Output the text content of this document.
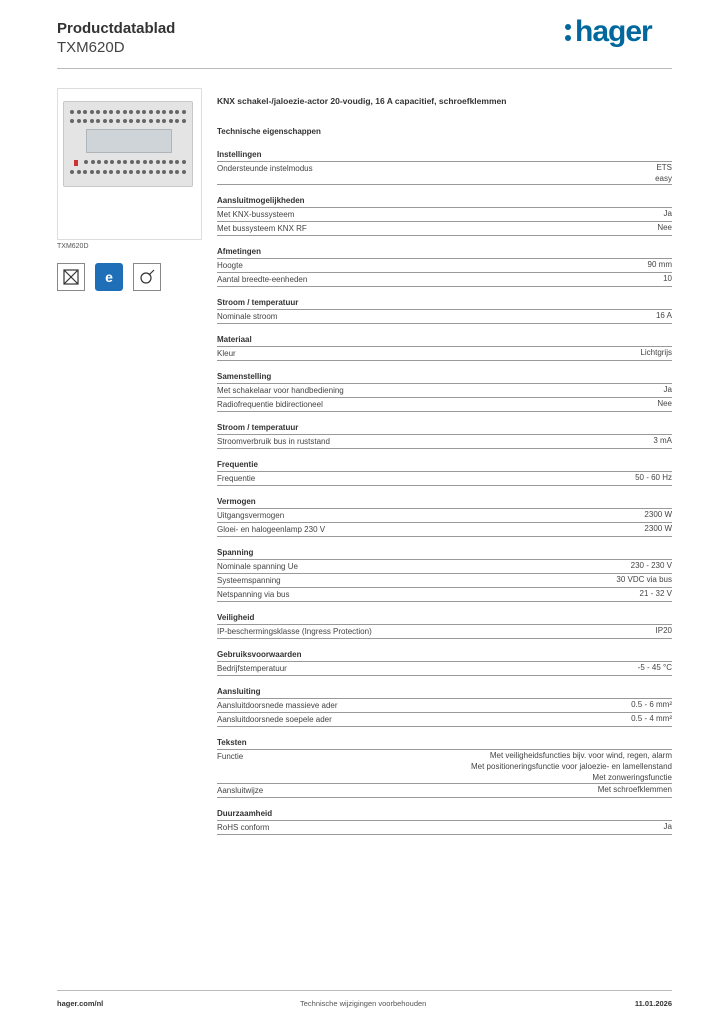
Productdatablad
TXM620D	hager
TXM620D
e
KNX schakel-/jaloezie-actor 20-voudig, 16 A capacitief, schroefklemmen
Technische eigenschappen
Instellingen
Ondersteunde instelmodus	ETS
easy
Aansluitmogelijkheden
Met KNX-bussysteem	Ja
Met bussysteem KNX RF	Nee
Afmetingen
Hoogte	90 mm
Aantal breedte-eenheden	10
Stroom / temperatuur
Nominale stroom	16 A
Materiaal
Kleur	Lichtgrijs
Samenstelling
Met schakelaar voor handbediening	Ja
Radiofrequentie bidirectioneel	Nee
Stroom / temperatuur
Stroomverbruik bus in ruststand	3 mA
Frequentie
Frequentie	50 - 60 Hz
Vermogen
Uitgangsvermogen	2300 W
Gloei- en halogeenlamp 230 V	2300 W
Spanning
Nominale spanning Ue	230 - 230 V
Systeemspanning	30 VDC via bus
Netspanning via bus	21 - 32 V
Veiligheid
IP-beschermingsklasse (Ingress Protection)	IP20
Gebruiksvoorwaarden
Bedrijfstemperatuur	-5 - 45 °C
Aansluiting
Aansluitdoorsnede massieve ader	0.5 - 6 mm²
Aansluitdoorsnede soepele ader	0.5 - 4 mm²
Teksten
Functie	Met veiligheidsfuncties bijv. voor wind, regen, alarm
Met positioneringsfunctie voor jaloezie- en lamellenstand
Met zonweringsfunctie
Aansluitwijze	Met schroefklemmen
Duurzaamheid
RoHS conform	Ja
hager.com/nl	Technische wijzigingen voorbehouden	11.01.2026
